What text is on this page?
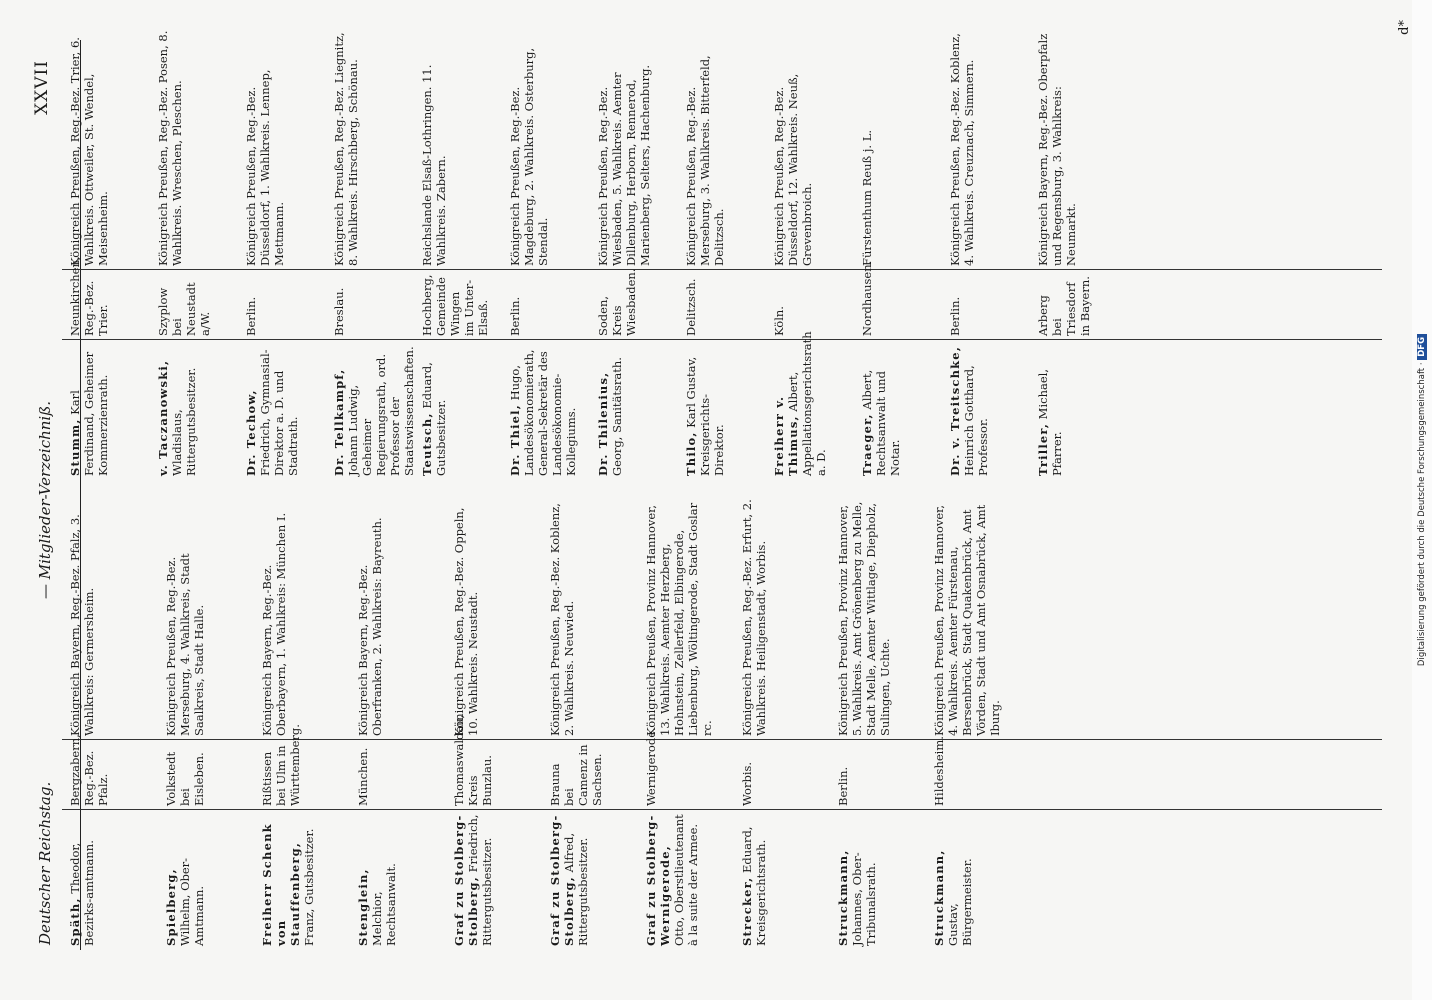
Deutscher Reichstag.
— Mitglieder-Verzeichniß.
XXVII
Späth, Theodor, Bezirks-amtmann.
Bergzabern, Reg.-Bez. Pfalz.
Königreich Bayern, Reg.-Bez. Pfalz, 3. Wahlkreis: Germersheim.
Spielberg, Wilhelm, Ober-Amtmann.
Volkstedt bei Eisleben.
Königreich Preußen, Reg.-Bez. Merseburg, 4. Wahlkreis, Stadt Saalkreis, Stadt Halle.
Freiherr Schenk von Stauffenberg, Franz, Gutsbesitzer.
Rißtissen bei Ulm in Württemberg.
Königreich Bayern, Reg.-Bez. Oberbayern, 1. Wahlkreis: München I.
Stenglein, Melchior, Rechtsanwalt.
München.
Königreich Bayern, Reg.-Bez. Oberfranken, 2. Wahlkreis: Bayreuth.
Graf zu Stolberg-Stolberg, Friedrich, Rittergutsbesitzer.
Thomaswaldau, Kreis Bunzlau.
Königreich Preußen, Reg.-Bez. Oppeln, 10. Wahlkreis. Neustadt.
Graf zu Stolberg-Stolberg, Alfred, Rittergutsbesitzer.
Brauna bei Camenz in Sachsen.
Königreich Preußen, Reg.-Bez. Koblenz, 2. Wahlkreis. Neuwied.
Graf zu Stolberg-Wernigerode, Otto, Oberstlieutenant à la suite der Armee.
Wernigerode.
Königreich Preußen, Provinz Hannover, 13. Wahlkreis. Aemter Herzberg, Hohnstein, Zellerfeld, Elbingerode, Liebenburg, Wöltingerode, Stadt Goslar rc.
Strecker, Eduard, Kreisgerichtsrath.
Worbis.
Königreich Preußen, Reg.-Bez. Erfurt, 2. Wahlkreis. Heiligenstadt, Worbis.
Struckmann, Johannes, Ober-Tribunalsrath.
Berlin.
Königreich Preußen, Provinz Hannover, 5. Wahlkreis. Amt Grönenberg zu Melle, Stadt Melle, Aemter Wittlage, Diepholz, Sulingen, Uchte.
Struckmann, Gustav, Bürgermeister.
Hildesheim.
Königreich Preußen, Provinz Hannover, 4. Wahlkreis. Aemter Fürstenau, Bersenbrück, Stadt Quakenbrück, Amt Vörden, Stadt und Amt Osnabrück, Amt Iburg.
Stumm, Karl Ferdinand, Geheimer Kommerzienrath.
Neunkirchen, Reg.-Bez. Trier.
Königreich Preußen, Reg.-Bez. Trier, 6. Wahlkreis. Ottweiler, St. Wendel, Meisenheim.
v. Taczanowski, Wladislaus, Rittergutsbesitzer.
Szyplow bei Neustadt a/W.
Königreich Preußen, Reg.-Bez. Posen, 8. Wahlkreis. Wreschen, Pleschen.
Dr. Techow, Friedrich, Gymnasial-Direktor a. D. und Stadtrath.
Berlin.
Königreich Preußen, Reg.-Bez. Düsseldorf, 1. Wahlkreis. Lennep, Mettmann.
Dr. Tellkampf, Johann Ludwig, Geheimer Regierungsrath, ord. Professor der Staatswissenschaften.
Breslau.
Königreich Preußen, Reg.-Bez. Liegnitz, 8. Wahlkreis. Hirschberg, Schönau.
Teutsch, Eduard, Gutsbesitzer.
Hochberg, Gemeinde Wingen im Unter-Elsaß.
Reichslande Elsaß-Lothringen. 11. Wahlkreis. Zabern.
Dr. Thiel, Hugo, Landesökonomierath, General-Sekretär des Landesökonomie-Kollegiums.
Berlin.
Königreich Preußen, Reg.-Bez. Magdeburg, 2. Wahlkreis. Osterburg, Stendal.
Dr. Thilenius, Georg, Sanitätsrath.
Soden, Kreis Wiesbaden.
Königreich Preußen, Reg.-Bez. Wiesbaden, 5. Wahlkreis. Aemter Dillenburg, Herborn, Rennerod, Marienberg, Selters, Hachenburg.
Thilo, Karl Gustav, Kreisgerichts-Direktor.
Delitzsch.
Königreich Preußen, Reg.-Bez. Merseburg, 3. Wahlkreis. Bitterfeld, Delitzsch.
Freiherr v. Thimus, Albert, Appellationsgerichtsrath a. D.
Köln.
Königreich Preußen, Reg.-Bez. Düsseldorf, 12. Wahlkreis. Neuß, Grevenbroich.
Traeger, Albert, Rechtsanwalt und Notar.
Nordhausen.
Fürstenthum Reuß j. L.
Dr. v. Treitschke, Heinrich Gotthard, Professor.
Berlin.
Königreich Preußen, Reg.-Bez. Koblenz, 4. Wahlkreis. Creuznach, Simmern.
Triller, Michael, Pfarrer.
Arberg bei Triesdorf in Bayern.
Königreich Bayern, Reg.-Bez. Oberpfalz und Regensburg, 3. Wahlkreis: Neumarkt.
d*
Digitalisierung gefördert durch die Deutsche Forschungsgemeinschaft · DFG
